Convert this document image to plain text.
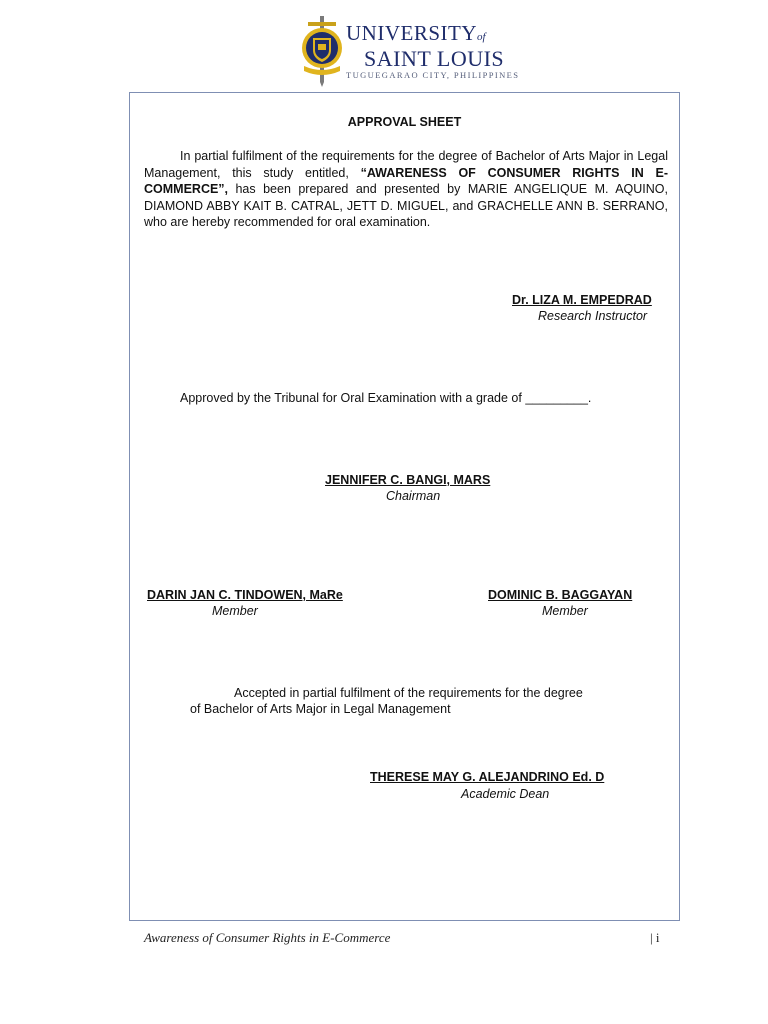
UNIVERSITYof
SAINT LOUIS
TUGUEGARAO CITY, PHILIPPINES
APPROVAL SHEET
In partial fulfilment of the requirements for the degree of Bachelor of Arts Major in Legal Management, this study entitled, “AWARENESS OF CONSUMER RIGHTS IN E-COMMERCE”, has been prepared and presented by MARIE ANGELIQUE M. AQUINO, DIAMOND ABBY KAIT B. CATRAL, JETT D. MIGUEL, and GRACHELLE ANN B. SERRANO, who are hereby recommended for oral examination.
Dr. LIZA M. EMPEDRAD
Research Instructor
Approved by the Tribunal for Oral Examination with a grade of _________.
JENNIFER C. BANGI, MARS
Chairman
DARIN JAN C. TINDOWEN, MaRe
Member
DOMINIC B. BAGGAYAN
Member
Accepted in partial fulfilment of the requirements for the degree
of Bachelor of Arts Major in Legal Management
THERESE MAY G. ALEJANDRINO Ed. D
Academic Dean
Awareness of Consumer Rights in E-Commerce	| i
